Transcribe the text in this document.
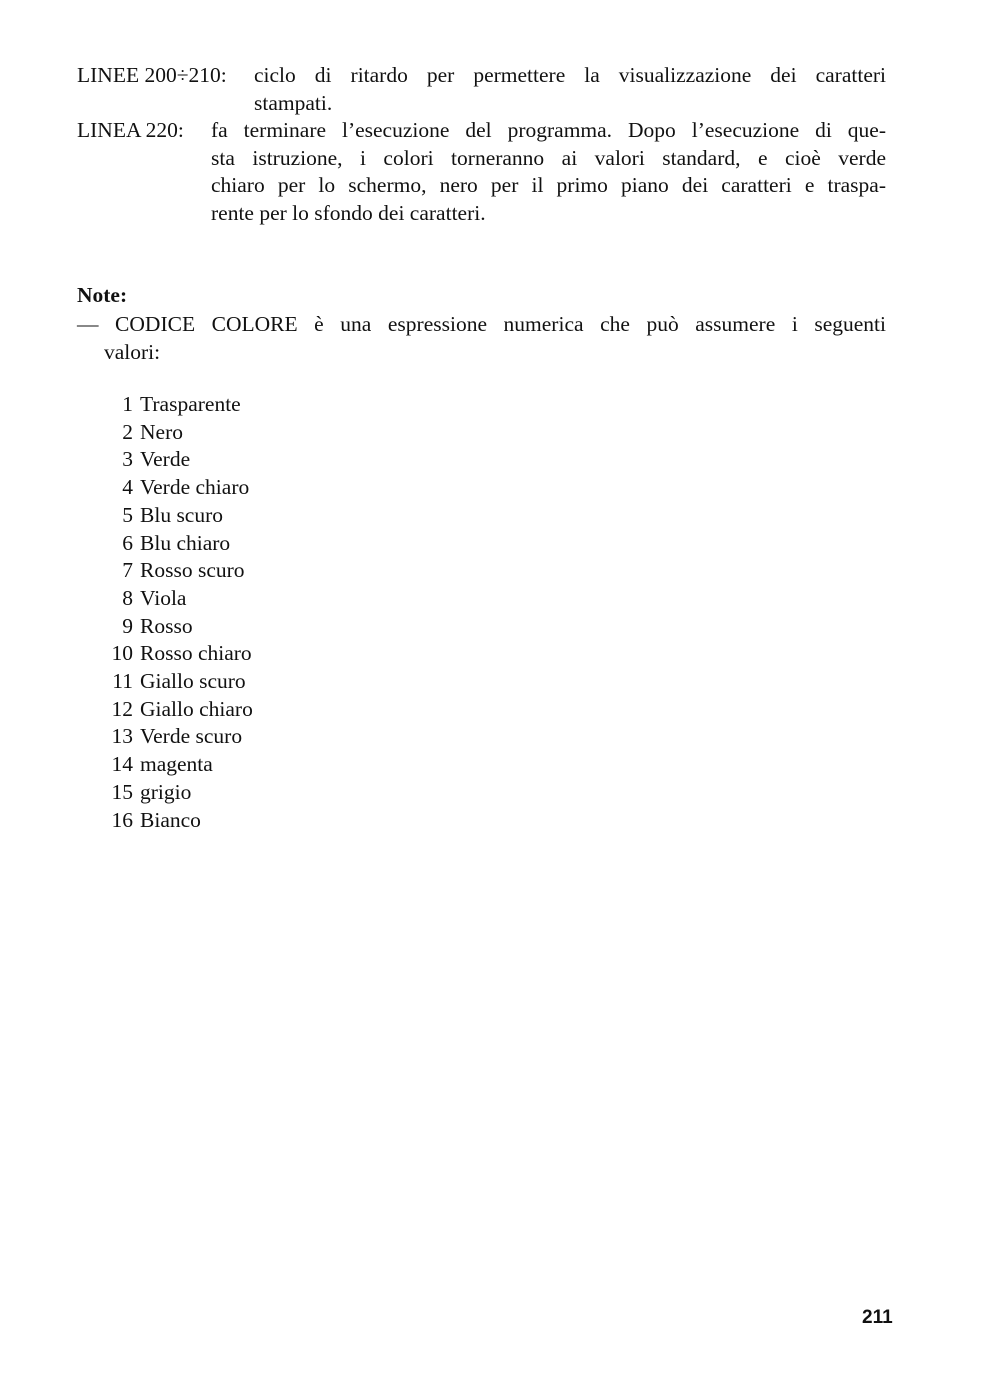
LINEE 200÷210:	ciclo di ritardo per permettere la visualizzazione dei caratteri
stampati.
LINEA 220:	fa terminare l’esecuzione del programma. Dopo l’esecuzione di que-
sta istruzione, i colori torneranno ai valori standard, e cioè verde
chiaro per lo schermo, nero per il primo piano dei caratteri e traspa-
rente per lo sfondo dei caratteri.
Note:
— CODICE COLORE è una espressione numerica che può assumere i seguenti
valori:
1 Trasparente
2 Nero
3 Verde
4 Verde chiaro
5 Blu scuro
6 Blu chiaro
7 Rosso scuro
8 Viola
9 Rosso
10 Rosso chiaro
11 Giallo scuro
12 Giallo chiaro
13 Verde scuro
14 magenta
15 grigio
16 Bianco
211
